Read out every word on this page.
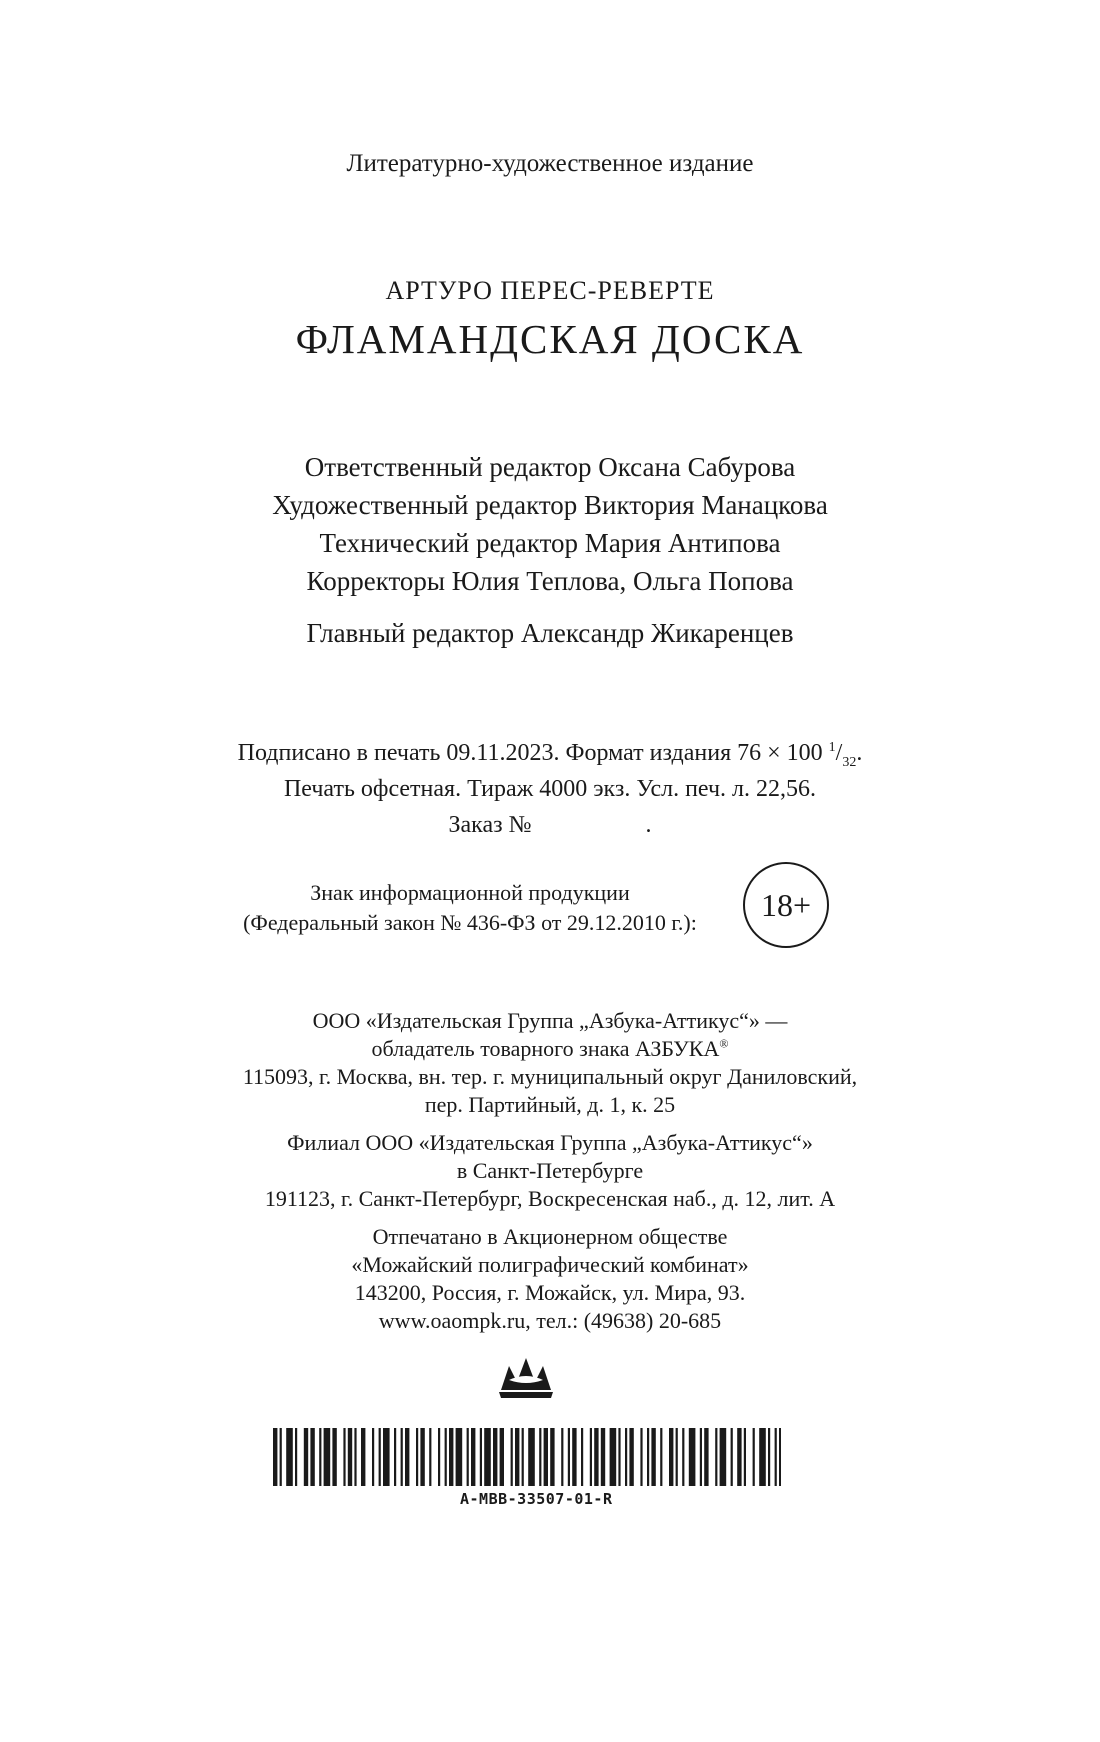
Литературно-художественное издание
АРТУРО ПЕРЕС-РЕВЕРТЕ
ФЛАМАНДСКАЯ ДОСКА
Ответственный редактор Оксана Сабурова
Художественный редактор Виктория Манацкова
Технический редактор Мария Антипова
Корректоры Юлия Теплова, Ольга Попова
Главный редактор Александр Жикаренцев
Подписано в печать 09.11.2023. Формат издания 76 × 100 $^1/_{32}$.
Печать офсетная. Тираж 4000 экз. Усл. печ. л. 22,56.
Заказ №                   .
Знак информационной продукции
(Федеральный закон № 436-ФЗ от 29.12.2010 г.):	18+
ООО «Издательская Группа „Азбука-Аттикус“» —
обладатель товарного знака АЗБУКА®
115093, г. Москва, вн. тер. г. муниципальный округ Даниловский,
пер. Партийный, д. 1, к. 25
Филиал ООО «Издательская Группа „Азбука-Аттикус“»
в Санкт-Петербурге
191123, г. Санкт-Петербург, Воскресенская наб., д. 12, лит. А
Отпечатано в Акционерном обществе
«Можайский полиграфический комбинат»
143200, Россия, г. Можайск, ул. Мира, 93.
www.oaompk.ru, тел.: (49638) 20-685
A-MBB-33507-01-R
